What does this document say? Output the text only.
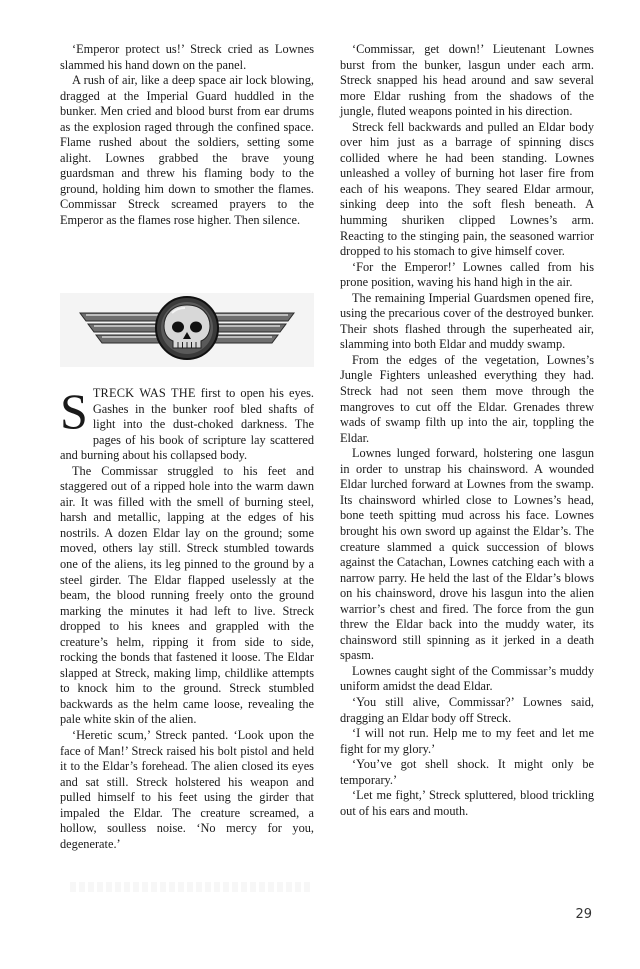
‘Emperor protect us!’ Streck cried as Lownes slammed his hand down on the panel.

A rush of air, like a deep space air lock blowing, dragged at the Imperial Guard huddled in the bunker. Men cried and blood burst from ear drums as the explosion raged through the confined space. Flame rushed about the soldiers, setting some alight. Lownes grabbed the brave young guardsman and threw his flaming body to the ground, holding him down to smother the flames. Commissar Streck screamed prayers to the Emperor as the flames rose higher. Then silence.

STRECK WAS THE first to open his eyes. Gashes in the bunker roof bled shafts of light into the dust-choked darkness. The pages of his book of scripture lay scattered and burning about his collapsed body.

The Commissar struggled to his feet and staggered out of a ripped hole into the warm dawn air. It was filled with the smell of burning steel, harsh and metallic, lapping at the edges of his nostrils. A dozen Eldar lay on the ground; some moved, others lay still. Streck stumbled towards one of the aliens, its leg pinned to the ground by a steel girder. The Eldar flapped uselessly at the beam, the blood running freely onto the ground marking the minutes it had left to live. Streck dropped to his knees and grappled with the creature’s helm, ripping it from side to side, rocking the bonds that fastened it loose. The Eldar slapped at Streck, making limp, childlike attempts to knock him to the ground. Streck stumbled backwards as the helm came loose, revealing the pale white skin of the alien.

‘Heretic scum,’ Streck panted. ‘Look upon the face of Man!’ Streck raised his bolt pistol and held it to the Eldar’s forehead. The alien closed its eyes and sat still. Streck holstered his weapon and pulled himself to his feet using the girder that impaled the Eldar. The creature screamed, a hollow, soulless noise. ‘No mercy for you, degenerate.’

‘Commissar, get down!’ Lieutenant Lownes burst from the bunker, lasgun under each arm. Streck snapped his head around and saw several more Eldar rushing from the shadows of the jungle, fluted weapons pointed in his direction.

Streck fell backwards and pulled an Eldar body over him just as a barrage of spinning discs collided where he had been standing. Lownes unleashed a volley of burning hot laser fire from each of his weapons. They seared Eldar armour, sinking deep into the soft flesh beneath. A humming shuriken clipped Lownes’s arm. Reacting to the stinging pain, the seasoned warrior dropped to his stomach to give himself cover.

‘For the Emperor!’ Lownes called from his prone position, waving his hand high in the air.

The remaining Imperial Guardsmen opened fire, using the precarious cover of the destroyed bunker. Their shots flashed through the superheated air, slamming into both Eldar and muddy swamp.

From the edges of the vegetation, Lownes’s Jungle Fighters unleashed everything they had. Streck had not seen them move through the mangroves to cut off the Eldar. Grenades threw wads of swamp filth up into the air, toppling the Eldar.

Lownes lunged forward, holstering one lasgun in order to unstrap his chainsword. A wounded Eldar lurched forward at Lownes from the swamp. Its chainsword whirled close to Lownes’s head, bone teeth spitting mud across his face. Lownes brought his own sword up against the Eldar’s. The creature slammed a quick succession of blows against the Catachan, Lownes catching each with a narrow parry. He held the last of the Eldar’s blows on his chainsword, drove his lasgun into the alien warrior’s chest and fired. The force from the gun threw the Eldar back into the muddy water, its chainsword still spinning as it jerked in a death spasm.

Lownes caught sight of the Commissar’s muddy uniform amidst the dead Eldar.

‘You still alive, Commissar?’ Lownes said, dragging an Eldar body off Streck.

‘I will not run. Help me to my feet and let me fight for my glory.’

‘You’ve got shell shock. It might only be temporary.’

‘Let me fight,’ Streck spluttered, blood trickling out of his ears and mouth.

29
